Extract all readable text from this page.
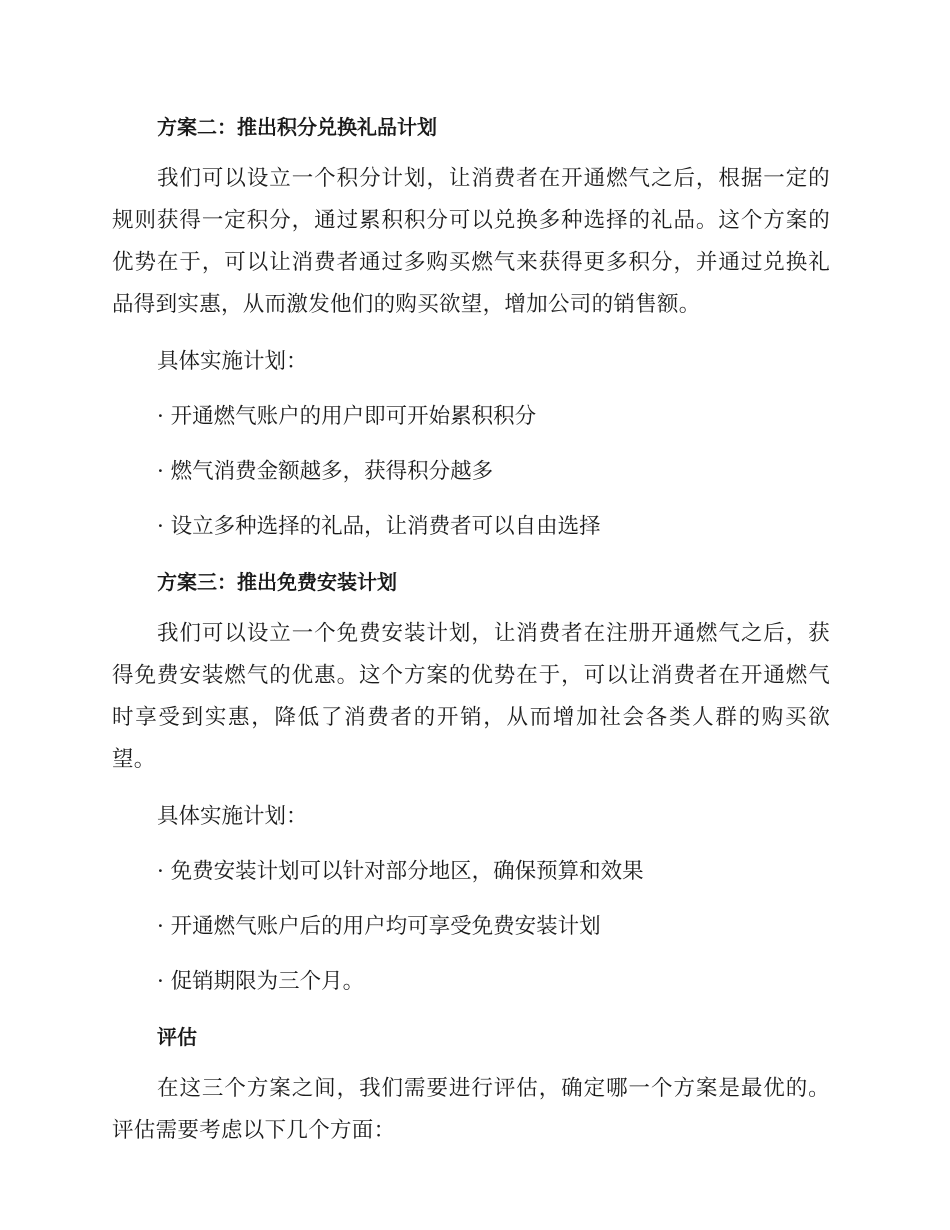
方案二：推出积分兑换礼品计划

我们可以设立一个积分计划，让消费者在开通燃气之后，根据一定的规则获得一定积分，通过累积积分可以兑换多种选择的礼品。这个方案的优势在于，可以让消费者通过多购买燃气来获得更多积分，并通过兑换礼品得到实惠，从而激发他们的购买欲望，增加公司的销售额。

具体实施计划：

· 开通燃气账户的用户即可开始累积积分

· 燃气消费金额越多，获得积分越多

· 设立多种选择的礼品，让消费者可以自由选择

方案三：推出免费安装计划

我们可以设立一个免费安装计划，让消费者在注册开通燃气之后，获得免费安装燃气的优惠。这个方案的优势在于，可以让消费者在开通燃气时享受到实惠，降低了消费者的开销，从而增加社会各类人群的购买欲望。

具体实施计划：

· 免费安装计划可以针对部分地区，确保预算和效果

· 开通燃气账户后的用户均可享受免费安装计划

· 促销期限为三个月。

评估

在这三个方案之间，我们需要进行评估，确定哪一个方案是最优的。评估需要考虑以下几个方面：
